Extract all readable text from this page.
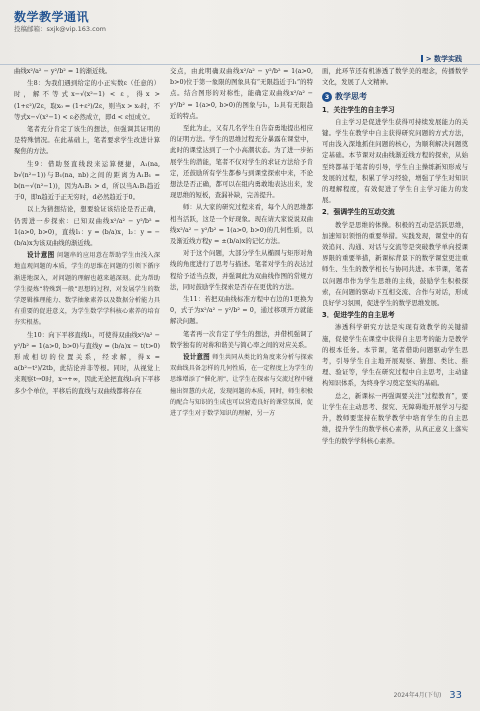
数学教学通讯
投稿邮箱：sxjk@vip.163.com
> 数学实践

曲线x²/a² − y²/b² = 1的渐近线。

生8：为我们遇到给定的小正实数ε（任意的）时，解不等式x−√(x²−1) < ε，得x > (1+ε²)/2ε，取x₀ = (1+ε²)/2ε，则当x > x₀时，不等式x−√(x²−1) < ε必然成立，即d < ε恒成立。

笔者充分肯定了该生的想法，但强调其证明的是特殊情况。在此基础上，笔者要求学生改进计算聚焦的方法。

生9：借助竖直线段来运算便捷，A₁(na, b√(n²−1))与B₁(na, nb)之间的距离为A₁B₁ = b(n−√(n²−1))，因为A₁B₁ > d，所以当A₁B₁趋近于0，即n趋近于正无穷时，d必然趋近于0。

以上为猜想结论，想要验证该结论是否正确，仍需进一步探索：已知双曲线x²/a² − y²/b² = 1(a>0, b>0)，直线l₁：y = (b/a)x，l₂：y = −(b/a)x为该双曲线的渐近线。

设计意图 问题串的应用意在帮助学生由浅入深地直观问题的本质，学生的思维在问题的引领下循序渐进地深入，对问题的理解也越来越深刻。此为帮助学生提炼“特殊到一般”思想的过程，对发展学生的数学逻辑推理能力、数学抽象素养以及数据分析能力具有重要的促进意义，为学生数学学科核心素养的培育夯实根基。

生10：向下平移直线l₁，可使得双曲线x²/a² − y²/b² = 1(a>0, b>0)与直线y = (b/a)x − t(t>0)形成相切的位置关系，经求解，得x = a(b²−t²)/2tb，此结论并非等根。同时，从视觉上来观察t→0时，x→+∞，因此无论把直线l₁向下平移多少个单位，平移后的直线与双曲线都将存在

交点，由此明确双曲线x²/a² − y²/b² = 1(a>0, b>0)位于第一象限的图象具有“无限趋近于l₁”的特点。结合图形的对称性，能确定双曲线x²/a² − y²/b² = 1(a>0, b>0)的图象与l₁，l₂具有无限趋近的特点。

至此为止，又有几名学生自告奋勇地提出相应的证明方法。学生的思维过程充分暴露在课堂中，此时的课堂达到了一个小高潮状态。为了进一步拓展学生的潜能，笔者不仅对学生的求证方法给予肯定，还鼓励所有学生都参与到课堂探索中来，不论想法是否正确，都可以在组内勇敢地表达出来，发现思维的短板，查漏补缺，完善提升。

师：从大家的研究过程来看，每个人的思维都相当活跃，这是一个好现象。现在请大家说说双曲线x²/a² − y²/b² = 1(a>0, b>0)的几何性质，以及渐近线方程y = ±(b/a)x的记忆方法。

对于这个问题，大部分学生从椭圆与矩形对角线的角度进行了思考与描述。笔者对学生的表达过程给予适当点拨，并强调此为双曲线作图的常规方法，同时鼓励学生探索是否存在更优的方法。

生11：若把双曲线标准方程中右边的1更换为0，式子为x²/a² − y²/b² = 0，通过移项开方就能解决问题。

笔者再一次肯定了学生的想法，并借机强调了数学独有的对称和谐美与简心率之间的对应关系。

设计意图 师生共同从类比的角度来分析与探索双曲线具备怎样的几何性质，在一定程度上为学生的思维增添了“催化剂”，让学生在探索与交流过程中碰撞出智慧的火花，发现问题的本质，同时，师生积极的配合与知识的生成也可以营造良好的课堂氛围，促进了学生对于数学知识的理解，另一方

面，此环节还有机渗透了数学美的理念，传播数学文化，发展了人文精神。

3 教学思考
1．关注学生的自主学习

自主学习是促进学生获得可持续发展能力的关键。学生在教学中自主获得研究问题的方式方法，可由浅入深地抓住问题的核心，为顺利解决问题奠定基础。本节课对双曲线渐近线方程的探索，从始至终都基于笔者的引导，学生自主操练新知形成与发展的过程，积累了学习经验，增强了学生对知识的理解程度，有效促进了学生自主学习能力的发展。

2．强调学生的互动交流

教学是思维的体操。积极的互动是活跃思维，加速知识领悟的重要举措。实践发现，课堂中的有效追问、沟通、对话与交流等是突破教学单向授课界限的重要举措，新课标背景下的数学课堂更注重师生、生生的教学相长与协同共进。本节课，笔者以问题串作为学生思维的主线，鼓励学生积极探索，在问题的驱动下互相交流、合作与对话，形成良好学习氛围，促进学生的数学思维发展。

3．促进学生的自主思考

渗透科学研究方法是实现有效教学的关键措施，促使学生在课堂中获得自主思考的能力是教学的根本任务。本节课，笔者借助问题驱动学生思考，引导学生自主地开展观察、猜想、类比、推理、验证等，学生在研究过程中自主思考，主动建构知识体系，为终身学习奠定坚实的基础。

总之，新课标一再强调要关注“过程教育”，要让学生在主动思考、探究、无障碍地开展学习与提升，教师要坚持在数学教学中培育学生的自主思维，提升学生的数学核心素养，从真正意义上落实学生的数学学科核心素养。

2024年4月(下旬) 33
